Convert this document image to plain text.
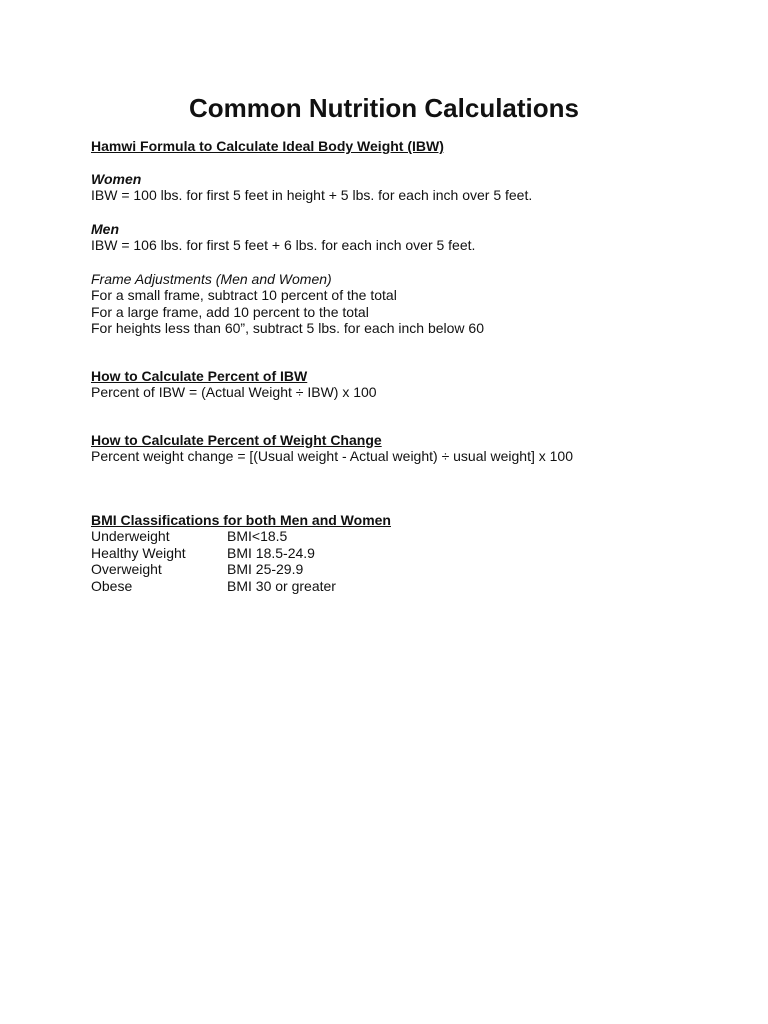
Common Nutrition Calculations
Hamwi Formula to Calculate Ideal Body Weight (IBW)
Women
IBW = 100 lbs. for first 5 feet in height + 5 lbs. for each inch over 5 feet.
Men
IBW = 106 lbs. for first 5 feet + 6 lbs. for each inch over 5 feet.
Frame Adjustments (Men and Women)
For a small frame, subtract 10 percent of the total
For a large frame, add 10 percent to the total
For heights less than 60”, subtract 5 lbs. for each inch below 60
How to Calculate Percent of IBW
Percent of IBW = (Actual Weight ÷ IBW) x 100
How to Calculate Percent of Weight Change
Percent weight change = [(Usual weight - Actual weight) ÷ usual weight] x 100
BMI Classifications for both Men and Women
Underweight	BMI<18.5
Healthy Weight	BMI 18.5-24.9
Overweight	BMI 25-29.9
Obese	BMI 30 or greater
